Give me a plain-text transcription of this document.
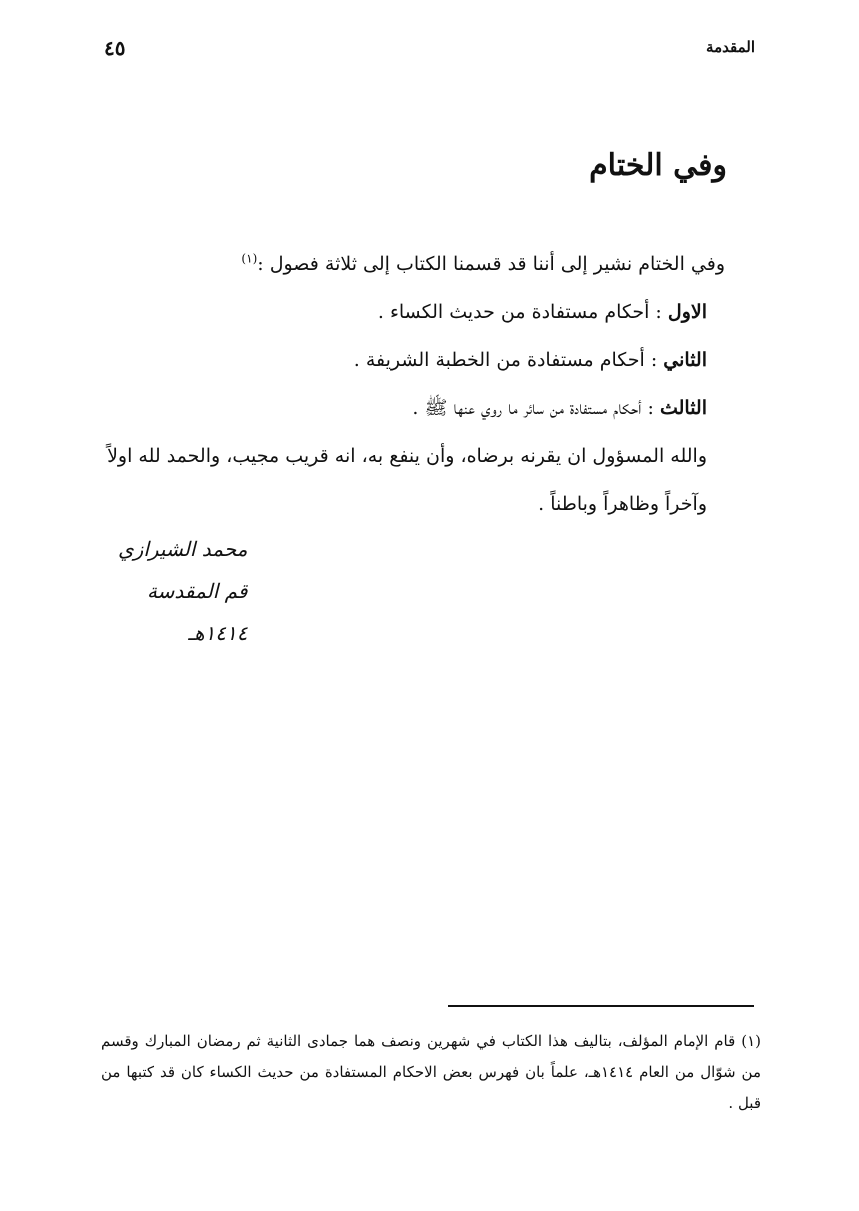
المقدمة
٤٥
وفي الختام

وفي الختام نشير إلى أننا قد قسمنا الكتاب إلى ثلاثة فصول :$^{(١)}$

الاول : أحكام مستفادة من حديث الكساء .

الثاني : أحكام مستفادة من الخطبة الشريفة .

الثالث : أحكام مستفادة من سائر ما روي عنها ﷺ .

والله المسؤول ان يقرنه برضاه، وأن ينفع به، انه قريب مجيب، والحمد لله اولاً وآخراً وظاهراً وباطناً .

محمد الشيرازي
قم المقدسة
١٤١٤هـ

(١) قام الإمام المؤلف، بتاليف هذا الكتاب في شهرين ونصف هما جمادى الثانية ثم رمضان المبارك وقسم من شوّال من العام ١٤١٤هـ، علماً بان فهرس بعض الاحكام المستفادة من حديث الكساء كان قد كتبها من قبل .
